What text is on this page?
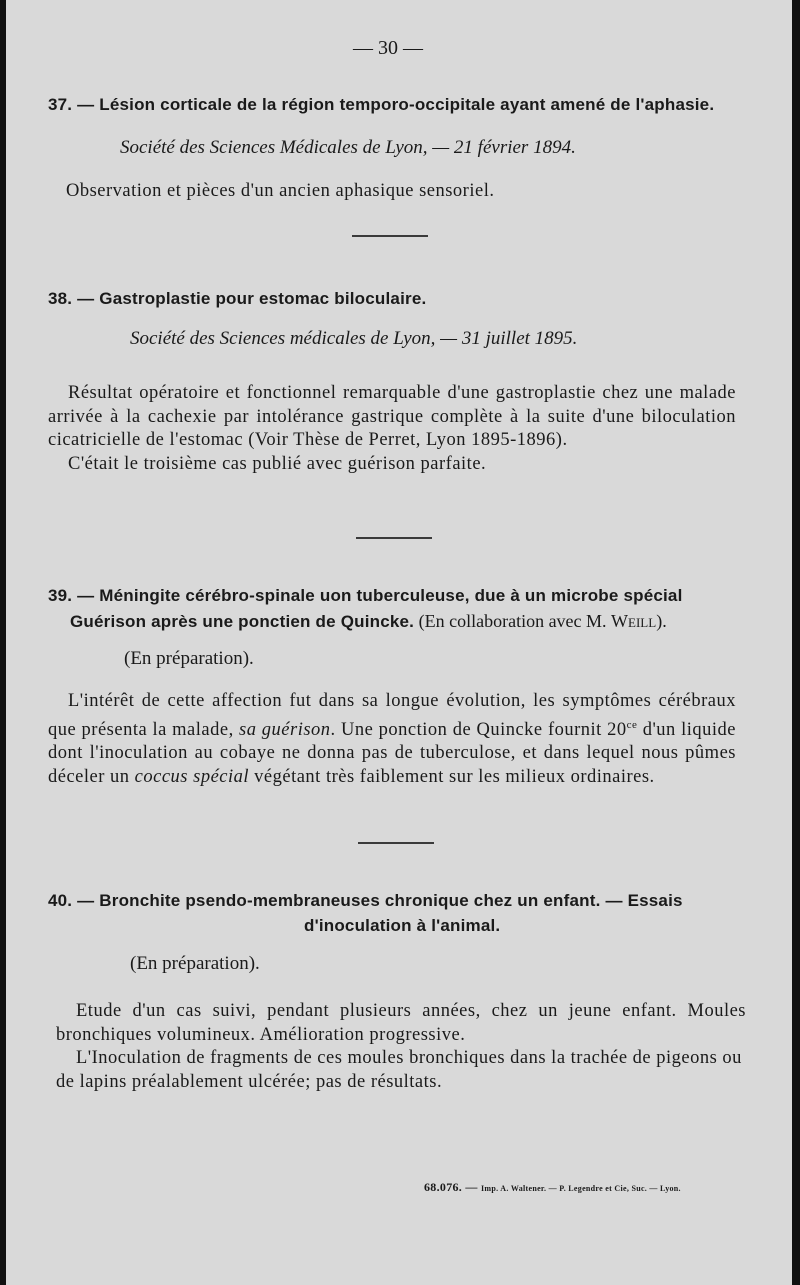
— 30 —
37. — Lésion corticale de la région temporo-occipitale ayant amené de l'aphasie.
Société des Sciences Médicales de Lyon, — 21 février 1894.

Observation et pièces d'un ancien aphasique sensoriel.

38. — Gastroplastie pour estomac biloculaire.
Société des Sciences médicales de Lyon, — 31 juillet 1895.

Résultat opératoire et fonctionnel remarquable d'une gastroplastie chez une malade arrivée à la cachexie par intolérance gastrique complète à la suite d'une biloculation cicatricielle de l'estomac (Voir Thèse de Perret, Lyon 1895-1896).

C'était le troisième cas publié avec guérison parfaite.

39. — Méningite cérébro-spinale uon tuberculeuse, due à un microbe spécial
Guérison après une ponctien de Quincke. (En collaboration avec M. Weill).
(En préparation).

L'intérêt de cette affection fut dans sa longue évolution, les symptômes cérébraux que présenta la malade, sa guérison. Une ponction de Quincke fournit $20^{ce}$ d'un liquide dont l'inoculation au cobaye ne donna pas de tuberculose, et dans lequel nous pûmes déceler un coccus spécial végétant très faiblement sur les milieux ordinaires.

40. — Bronchite psendo-membraneuses chronique chez un enfant. — Essais
d'inoculation à l'animal.
(En préparation).

Etude d'un cas suivi, pendant plusieurs années, chez un jeune enfant. Moules bronchiques volumineux. Amélioration progressive.

L'Inoculation de fragments de ces moules bronchiques dans la trachée de pigeons ou de lapins préalablement ulcérée; pas de résultats.

68.076. — Imp. A. Waltener. — P. Legendre et Cie, Suc. — Lyon.
